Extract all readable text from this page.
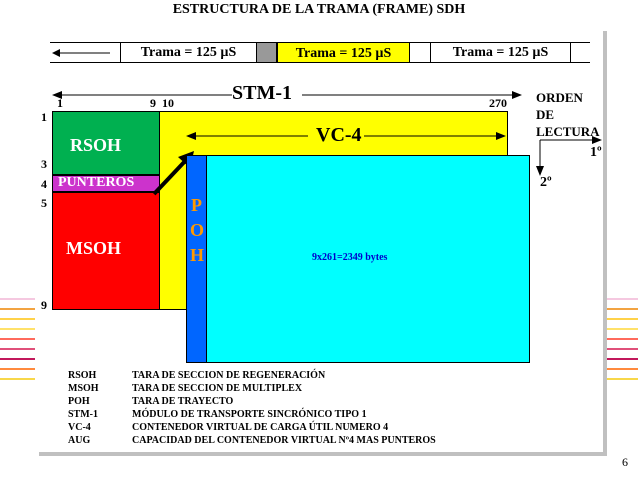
ESTRUCTURA DE LA TRAMA (FRAME) SDH
Trama = 125 µS	Trama = 125 µS	Trama = 125 µS
STM-1
1	9 10	270
1
3
4
5
9
RSOH
PUNTEROS
MSOH
VC-4
P
O
H	9x261=2349 bytes
ORDEN
DE
LECTURA
1º
2º
RSOH	TARA DE SECCION DE REGENERACIÓN
MSOH	TARA DE SECCION DE MULTIPLEX
POH	TARA DE TRAYECTO
STM-1	MÓDULO DE TRANSPORTE SINCRÓNICO TIPO 1
VC-4	CONTENEDOR VIRTUAL DE CARGA ÚTIL NUMERO 4
AUG	CAPACIDAD DEL CONTENEDOR VIRTUAL Nº4 MAS PUNTEROS
6
